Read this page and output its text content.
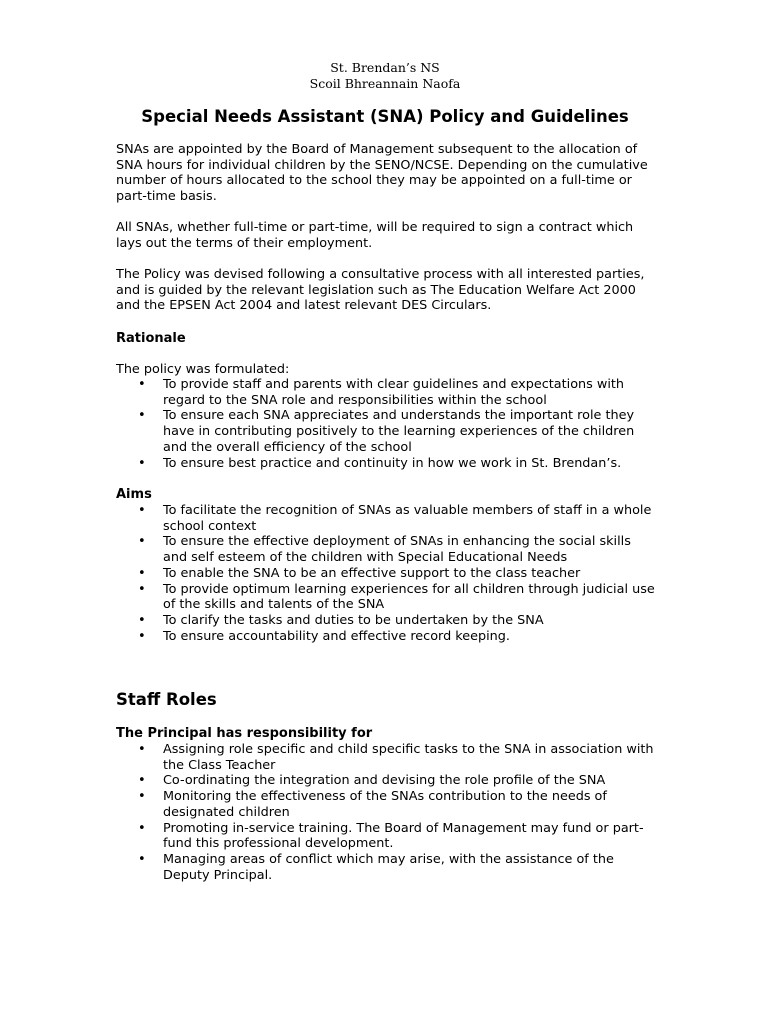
St. Brendan’s NS
Scoil Bhreannain Naofa
Special Needs Assistant (SNA) Policy and Guidelines

SNAs are appointed by the Board of Management subsequent to the allocation of SNA hours for individual children by the SENO/NCSE. Depending on the cumulative number of hours allocated to the school they may be appointed on a full-time or part-time basis.

All SNAs, whether full-time or part-time, will be required to sign a contract which lays out the terms of their employment.

The Policy was devised following a consultative process with all interested parties, and is guided by the relevant legislation such as The Education Welfare Act 2000 and the EPSEN Act 2004 and latest relevant DES Circulars.

Rationale

The policy was formulated:

• To provide staff and parents with clear guidelines and expectations with regard to the SNA role and responsibilities within the school
• To ensure each SNA appreciates and understands the important role they have in contributing positively to the learning experiences of the children and the overall efficiency of the school
• To ensure best practice and continuity in how we work in St. Brendan’s.
Aims
• To facilitate the recognition of SNAs as valuable members of staff in a whole school context
• To ensure the effective deployment of SNAs in enhancing the social skills and self esteem of the children with Special Educational Needs
• To enable the SNA to be an effective support to the class teacher
• To provide optimum learning experiences for all children through judicial use of the skills and talents of the SNA
• To clarify the tasks and duties to be undertaken by the SNA
• To ensure accountability and effective record keeping.
Staff Roles
The Principal has responsibility for
• Assigning role specific and child specific tasks to the SNA in association with the Class Teacher
• Co-ordinating the integration and devising the role profile of the SNA
• Monitoring the effectiveness of the SNAs contribution to the needs of designated children
• Promoting in-service training. The Board of Management may fund or part-fund this professional development.
• Managing areas of conflict which may arise, with the assistance of the Deputy Principal.
